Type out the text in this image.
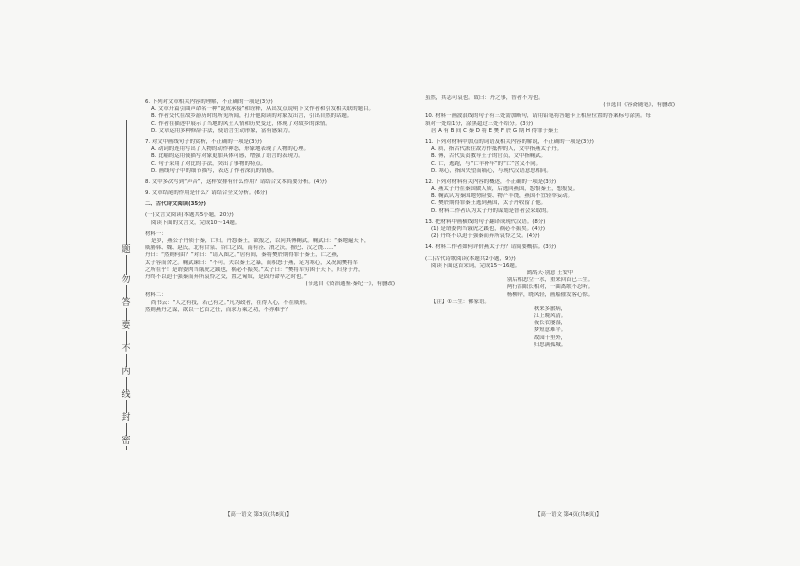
题
勿
答
要
不
内
线
封
密
6. 下列对文章相关内容的理解，不正确的一项是(3分)
A. 文章开篇引曲声命名一种“说成承接”和诠释，从出发点说明下文作者和引发相关联的题目。
B. 作者交代在故乡游历时的所见所闻，打开他阅读的对象发出言，引出自然的话题。
C. 作者在描述中展示了当地的风土人情和历史变迁，体现了对故乡的深情。
D. 文章运用多种修辞手法，使语言生动形象，富有感染力。
7. 对文中画线句子的赏析，不正确的一项是(3分)
A. 动词的连用写出了人物的动作神态，形象地表现了人物的心理。
B. 比喻的运用使描写对象更加具体可感，增强了语言的表现力。
C. 句子采用了对比的手法，突出了事物的特点。
D. 画线句子中的细节描写，表达了作者深沉的情感。
8. 文中多次写到“声音”，这样安排有什么作用？请结合文本简要分析。(4分)
9. 文章结尾的作用是什么？请结合全文分析。(6分)
二、古代诗文阅读(35分)
(一)文言文阅读(本题共5小题，20分)
阅读下面的文言文，完成10～14题。
材料一：
是岁，燕公子丹质于秦，亡归。丹怨秦王，欲报之，以问其傅鞠武。鞠武曰：“秦地遍天下，
威胁韩、魏、赵氏，北有甘泉、谷口之固，南有泾、渭之沃，擅巴、汉之饶……”
丹曰：“然则何由？”对曰：“请入图之。”居有间，秦将樊於期得罪于秦王，亡之燕，
太子容而舍之。鞠武谏曰：“不可。夫以秦王之暴，而积怒于燕，足为寒心，又况闻樊将军
之所在乎！是谓委肉当饿虎之蹊也，祸必不振矣。”太子曰：“樊将军穷困于天下，归身于丹，
丹终不以迫于强秦而弃所哀怜之交，置之匈奴，是固丹命卒之时也。”
(节选自《资治通鉴·秦纪一》，有删改)
材料二：
尚书云：“人之有技，若己有之。”凡为政者，在得人心，不在威刑。
然则燕丹之谋，欲以一匕首之任，而求万乘之功，不亦难乎？
虽然，其志可哀也。故曰：丹之事，智者不为也。
(节选自《容斋随笔》，有删改)
10. 材料一画波浪线的句子有三处需加断句，请用铅笔将答题卡上相应位置的答案标号涂黑。每
填对一处给1分，涂黑超过三处不给分。(3分)
居 A 有 B 间 C 秦 D 将 E 樊 F 於 G 期 H 得罪于秦王
11. 下列对材料中加点的词语及相关内容的解说，不正确的一项是(3分)
A. 质，指古代派往敌方作抵押的人，文中指燕太子丹。
B. 傅，古代负责教导王子的官员，文中指鞠武。
C. 亡，逃跑，与“亡羊补牢”的“亡”含义不同。
D. 寒心，指因失望而痛心，与现代汉语意思相同。
12. 下列对材料有关内容的概述，不正确的一项是(3分)
A. 燕太子丹在秦国做人质，后逃回燕国，怨恨秦王，想报复。
B. 鞠武认为秦国地势险要、物产丰饶，燕国不宜轻举妄动。
C. 樊於期得罪秦王逃到燕国，太子丹收留了他。
D. 材料二作者认为太子丹的谋划是智者会采取的。
13. 把材料中画横线的句子翻译成现代汉语。(8分)
(1) 是谓委肉当饿虎之蹊也，祸必不振矣。(4分)
(2) 丹终不以迫于强秦而弃所哀怜之交。(4分)
14. 材料二作者如何评价燕太子丹？请简要概括。(3分)
(二)古代诗歌阅读(本题共2小题，9分)
阅读下面这首宋词，完成15～16题。
鹧鸪天·别意 王安中
别后相思空一水，重来回首已三生。
两行泪眼长相对，一曲离歌不忍听。
杨柳岸，晓风轻，画船催发客心惊。
【注】①三生：佛家语。
秋来多旅病，
江上晚风清。
夜长衣屡湿，
梦短意难平。
故园千里外，
归思满孤城。
【高一语文 第3页(共8页)】	【高一语文 第4页(共8页)】
